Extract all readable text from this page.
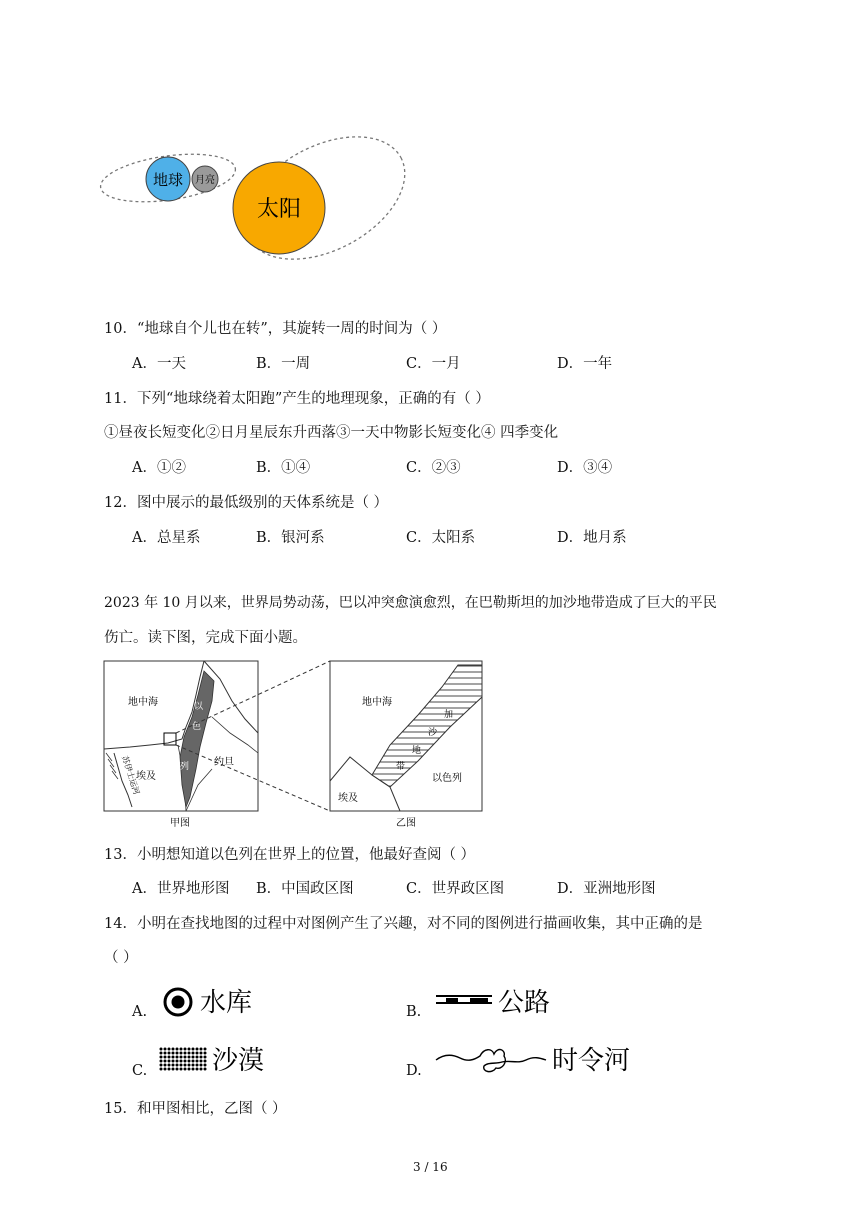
地球 月亮
太阳
10．“地球自个儿也在转”，其旋转一周的时间为（ ）
A．一天	B．一周	C．一月	D．一年
11．下列“地球绕着太阳跑”产生的地理现象，正确的有（ ）
①昼夜长短变化②日月星辰东升西落③一天中物影长短变化④ 四季变化
A．①②	B．①④	C．②③	D．③④
12．图中展示的最低级别的天体系统是（ ）
A．总星系	B．银河系	C．太阳系	D．地月系
2023 年 10 月以来，世界局势动荡，巴以冲突愈演愈烈，在巴勒斯坦的加沙地带造成了巨大的平民
伤亡。读下图，完成下面小题。
地中海	以
色
列
苏伊士运河
埃及
约旦
甲图
地中海
加
沙
地
带
以色列
埃及
乙图
13．小明想知道以色列在世界上的位置，他最好查阅（ ）
A．世界地形图 B．中国政区图	C．世界政区图	D．亚洲地形图
14．小明在查找地图的过程中对图例产生了兴趣，对不同的图例进行描画收集，其中正确的是
（ ）
A. 水库	B.	公路
C. 沙漠	D.	时令河
15．和甲图相比，乙图（ ）
3 / 16
